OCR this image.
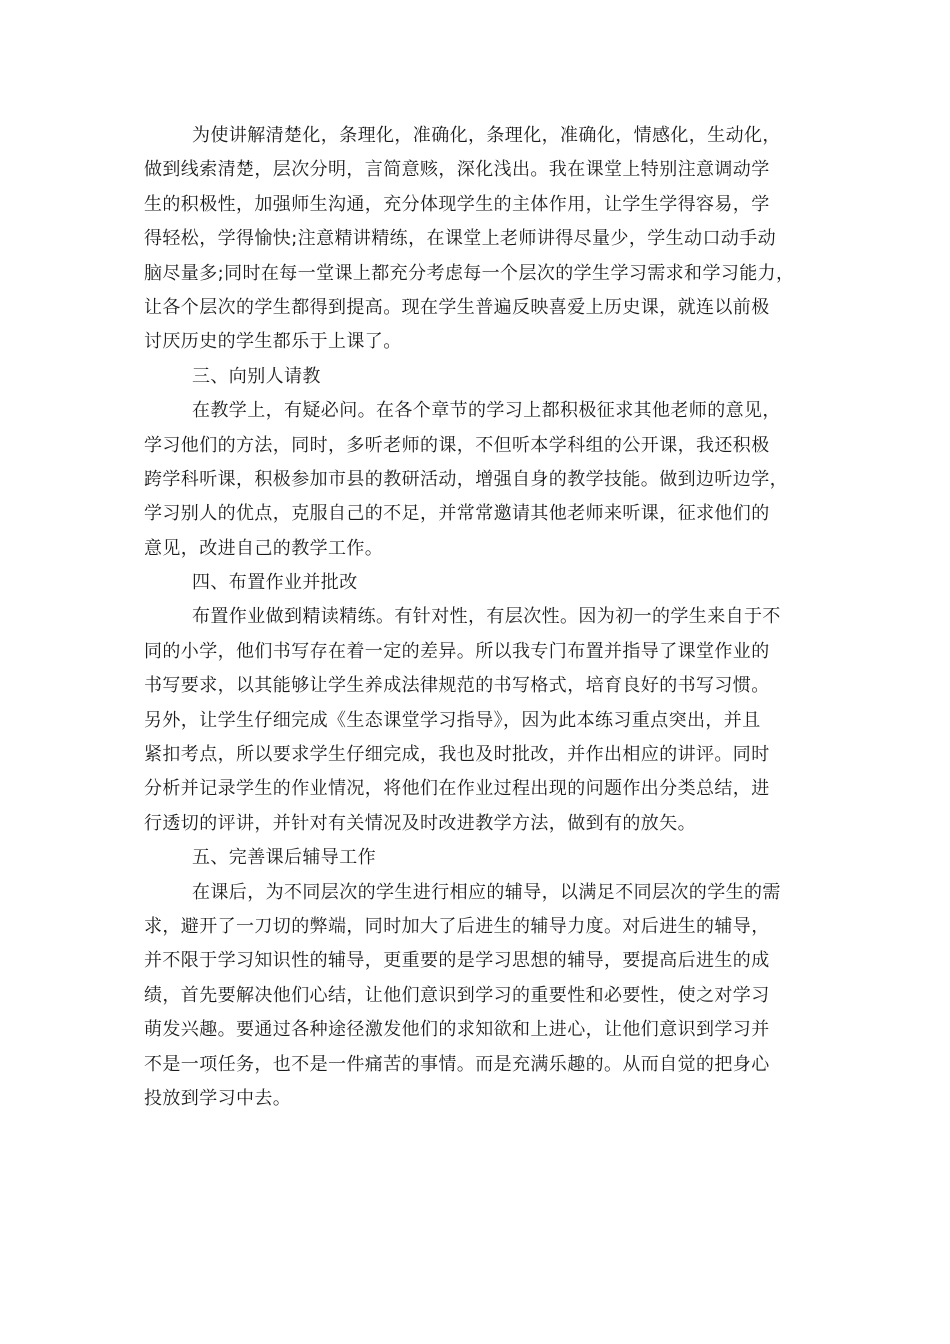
为使讲解清楚化，条理化，准确化，条理化，准确化，情感化，生动化，
做到线索清楚，层次分明，言简意赅，深化浅出。我在课堂上特别注意调动学
生的积极性，加强师生沟通，充分体现学生的主体作用，让学生学得容易，学
得轻松，学得愉快;注意精讲精练，在课堂上老师讲得尽量少，学生动口动手动
脑尽量多;同时在每一堂课上都充分考虑每一个层次的学生学习需求和学习能力，
让各个层次的学生都得到提高。现在学生普遍反映喜爱上历史课，就连以前极
讨厌历史的学生都乐于上课了。
三、向别人请教
在教学上，有疑必问。在各个章节的学习上都积极征求其他老师的意见，
学习他们的方法，同时，多听老师的课，不但听本学科组的公开课，我还积极
跨学科听课，积极参加市县的教研活动，增强自身的教学技能。做到边听边学，
学习别人的优点，克服自己的不足，并常常邀请其他老师来听课，征求他们的
意见，改进自己的教学工作。
四、布置作业并批改
布置作业做到精读精练。有针对性，有层次性。因为初一的学生来自于不
同的小学，他们书写存在着一定的差异。所以我专门布置并指导了课堂作业的
书写要求，以其能够让学生养成法律规范的书写格式，培育良好的书写习惯。
另外，让学生仔细完成《生态课堂学习指导》，因为此本练习重点突出，并且
紧扣考点，所以要求学生仔细完成，我也及时批改，并作出相应的讲评。同时
分析并记录学生的作业情况，将他们在作业过程出现的问题作出分类总结，进
行透切的评讲，并针对有关情况及时改进教学方法，做到有的放矢。
五、完善课后辅导工作
在课后，为不同层次的学生进行相应的辅导，以满足不同层次的学生的需
求，避开了一刀切的弊端，同时加大了后进生的辅导力度。对后进生的辅导，
并不限于学习知识性的辅导，更重要的是学习思想的辅导，要提高后进生的成
绩，首先要解决他们心结，让他们意识到学习的重要性和必要性，使之对学习
萌发兴趣。要通过各种途径激发他们的求知欲和上进心，让他们意识到学习并
不是一项任务，也不是一件痛苦的事情。而是充满乐趣的。从而自觉的把身心
投放到学习中去。
